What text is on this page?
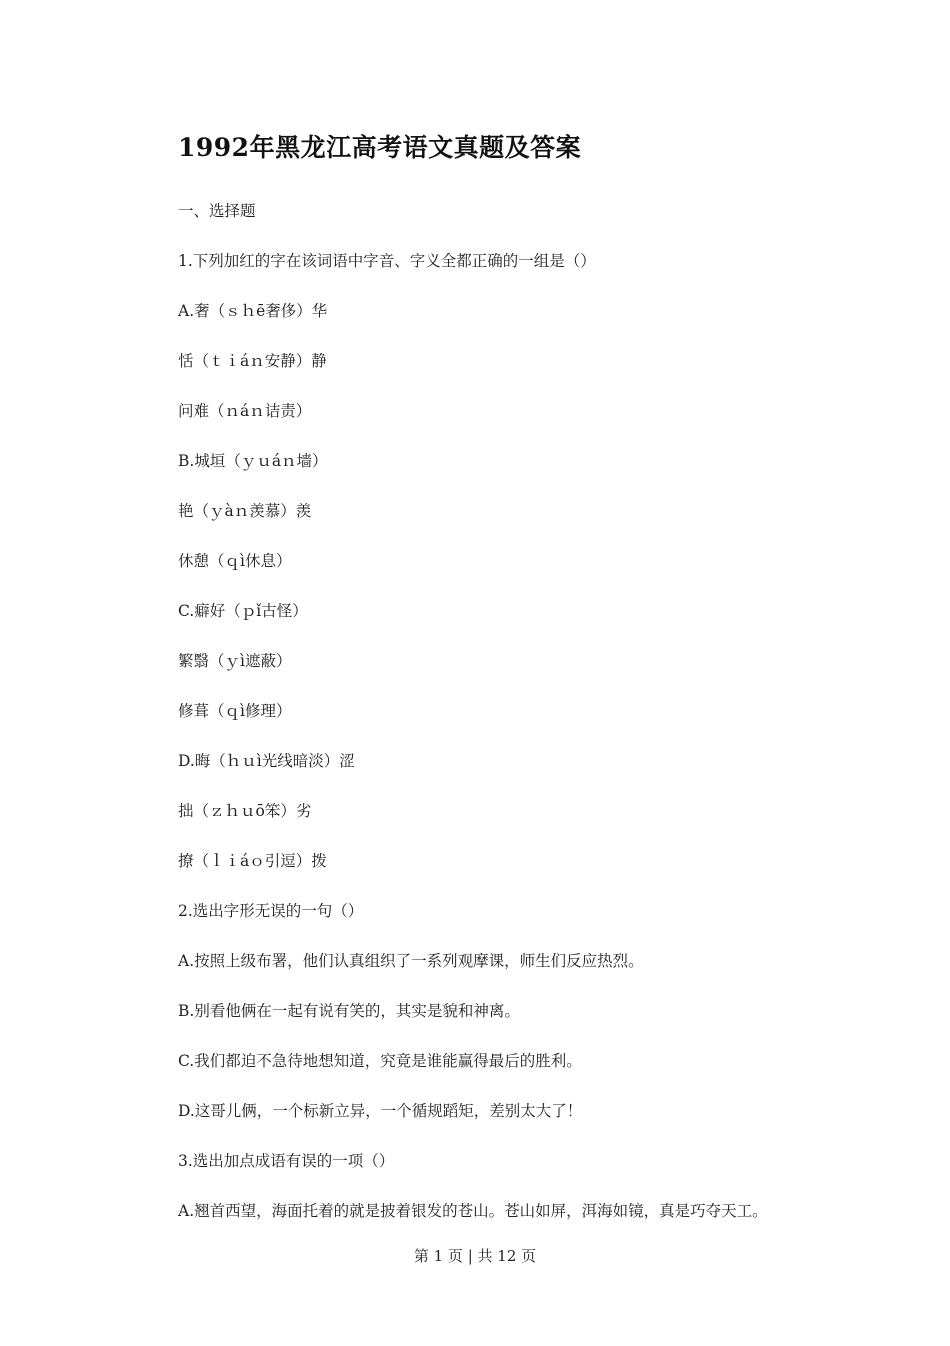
1992年黑龙江高考语文真题及答案
一、选择题
1.下列加红的字在该词语中字音、字义全都正确的一组是（）
A.奢（ｓｈē奢侈）华
恬（ｔｉáｎ安静）静
问难（ｎáｎ诘责）
B.城垣（ｙｕáｎ墙）
艳（ｙàｎ羡慕）羡
休憩（ｑì休息）
C.癖好（ｐǐ古怪）
繁翳（ｙì遮蔽）
修葺（ｑì修理）
D.晦（ｈｕì光线暗淡）涩
拙（ｚｈｕō笨）劣
撩（ｌｉáｏ引逗）拨
2.选出字形无误的一句（）
A.按照上级布署，他们认真组织了一系列观摩课，师生们反应热烈。
B.别看他俩在一起有说有笑的，其实是貌和神离。
C.我们都迫不急待地想知道，究竟是谁能赢得最后的胜利。
D.这哥儿俩，一个标新立异，一个循规蹈矩，差别太大了！
3.选出加点成语有误的一项（）
A.翘首西望，海面托着的就是披着银发的苍山。苍山如屏，洱海如镜，真是巧夺天工。
第 1 页 | 共 12 页
